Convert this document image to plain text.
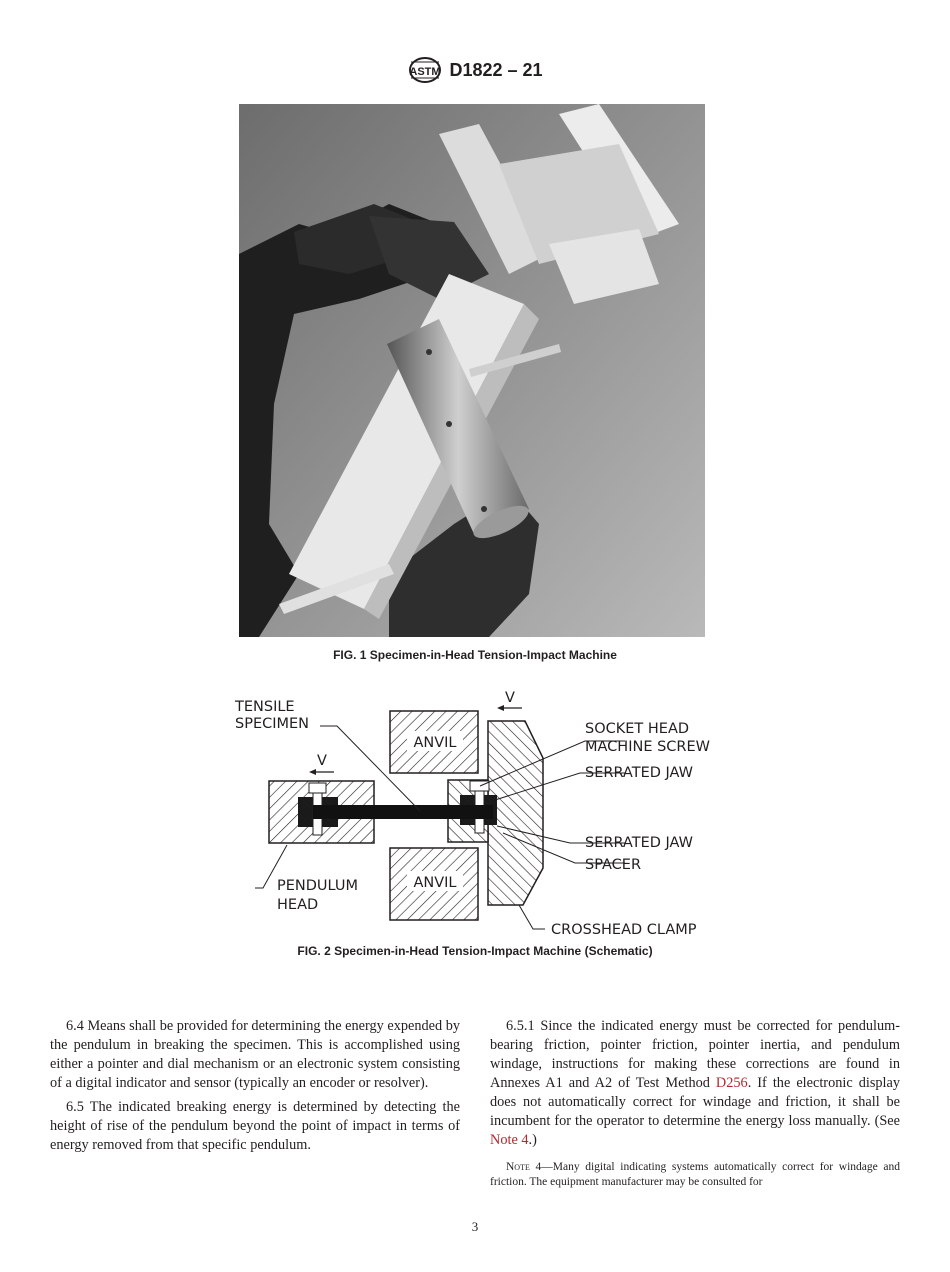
ASTM D1822 – 21
FIG. 1 Specimen-in-Head Tension-Impact Machine
ANVIL
ANVIL
V
V
TENSILE
SPECIMEN	SOCKET HEAD
MACHINE SCREW
SERRATED JAW
SERRATED JAW
SPACER
PENDULUM
HEAD
CROSSHEAD CLAMP
FIG. 2 Specimen-in-Head Tension-Impact Machine (Schematic)

6.4 Means shall be provided for determining the energy expended by the pendulum in breaking the specimen. This is accomplished using either a pointer and dial mechanism or an electronic system consisting of a digital indicator and sensor (typically an encoder or resolver).

6.5 The indicated breaking energy is determined by detecting the height of rise of the pendulum beyond the point of impact in terms of energy removed from that specific pendulum.

6.5.1 Since the indicated energy must be corrected for pendulum-bearing friction, pointer friction, pointer inertia, and pendulum windage, instructions for making these corrections are found in Annexes A1 and A2 of Test Method D256. If the electronic display does not automatically correct for windage and friction, it shall be incumbent for the operator to determine the energy loss manually. (See Note 4.)

Note 4—Many digital indicating systems automatically correct for windage and friction. The equipment manufacturer may be consulted for

3
